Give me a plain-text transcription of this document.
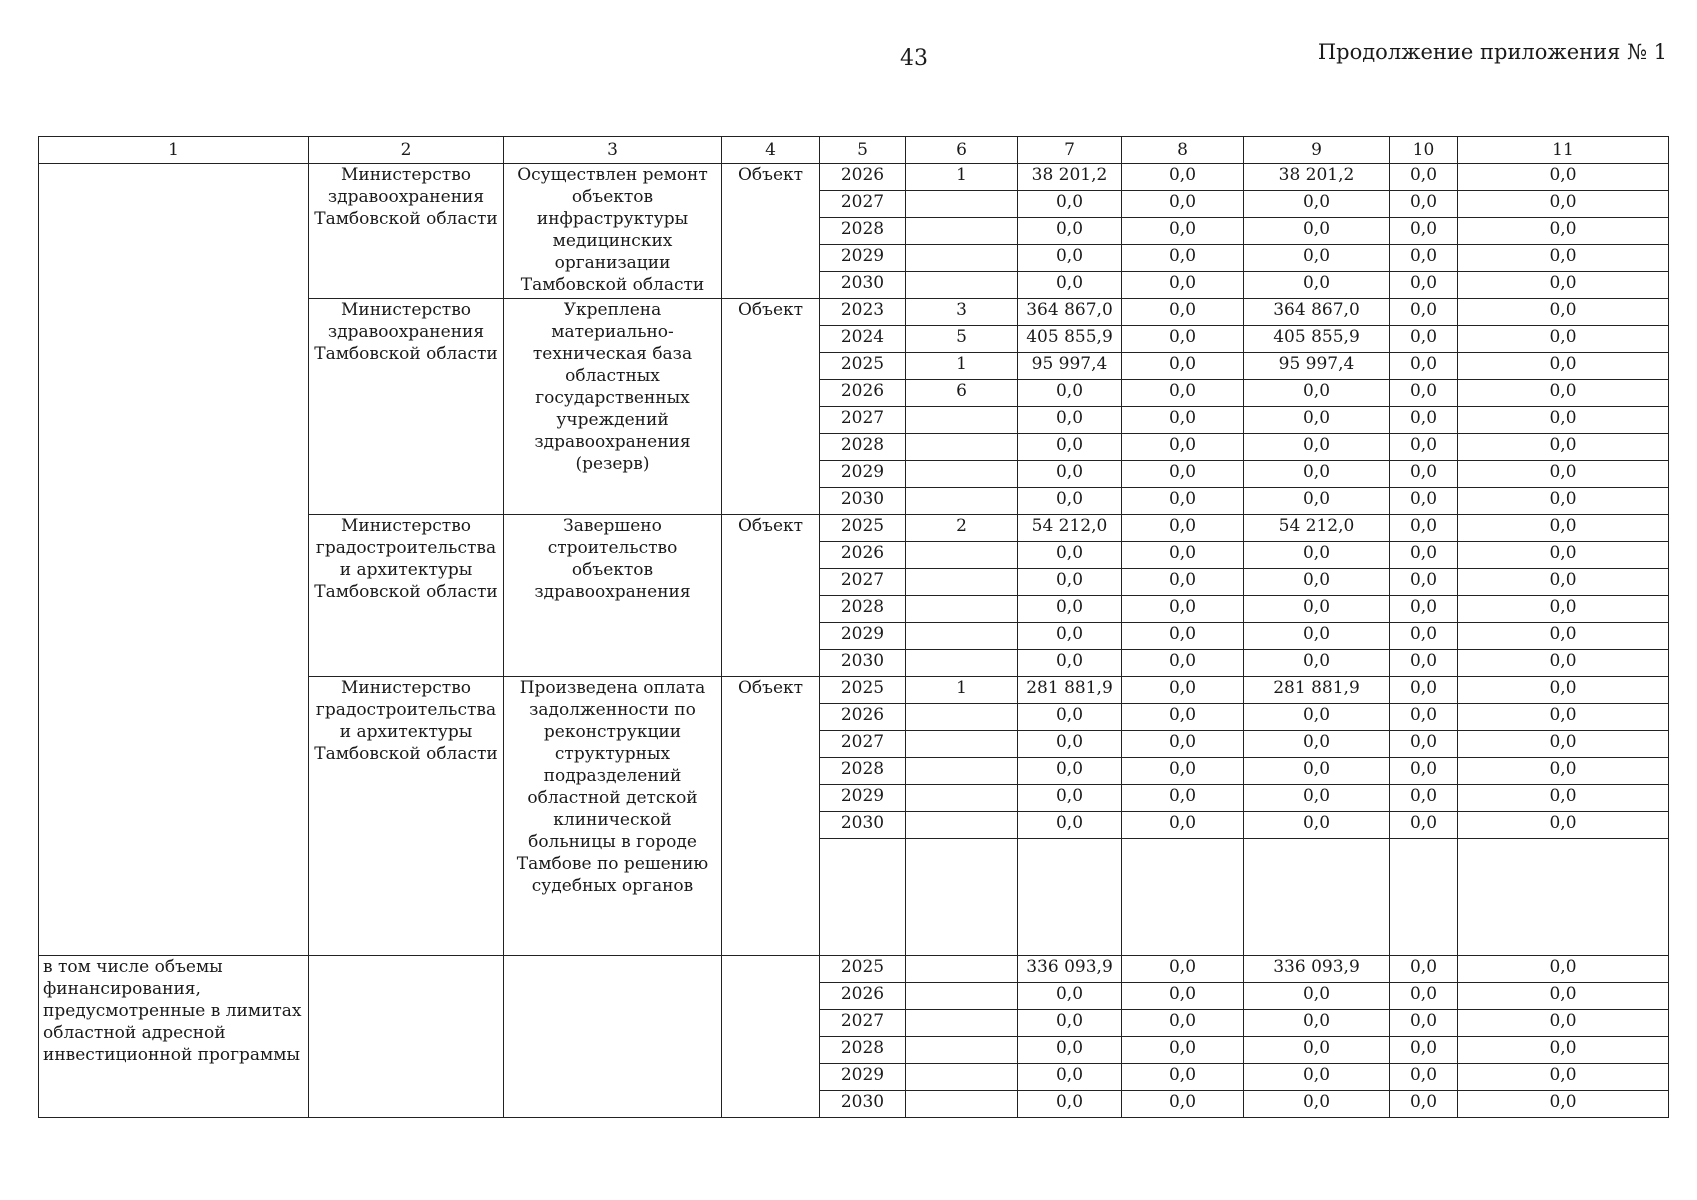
43	Продолжение приложения № 1
1	2	3	4	5	6	7	8	9	10	11
	Министерство здравоохранения Тамбовской области	Осуществлен ремонт объектов инфраструктуры медицинских организации Тамбовской области	Объект	2026	1	38 201,2	0,0	38 201,2	0,0	0,0
				2027		0,0	0,0	0,0	0,0	0,0
				2028		0,0	0,0	0,0	0,0	0,0
				2029		0,0	0,0	0,0	0,0	0,0
				2030		0,0	0,0	0,0	0,0	0,0
	Министерство здравоохранения Тамбовской области	Укреплена материально-техническая база областных государственных учреждений здравоохранения (резерв)	Объект	2023	3	364 867,0	0,0	364 867,0	0,0	0,0
				2024	5	405 855,9	0,0	405 855,9	0,0	0,0
				2025	1	95 997,4	0,0	95 997,4	0,0	0,0
				2026	6	0,0	0,0	0,0	0,0	0,0
				2027		0,0	0,0	0,0	0,0	0,0
				2028		0,0	0,0	0,0	0,0	0,0
				2029		0,0	0,0	0,0	0,0	0,0
				2030		0,0	0,0	0,0	0,0	0,0
	Министерство градостроительства и архитектуры Тамбовской области	Завершено строительство объектов здравоохранения	Объект	2025	2	54 212,0	0,0	54 212,0	0,0	0,0
				2026		0,0	0,0	0,0	0,0	0,0
				2027		0,0	0,0	0,0	0,0	0,0
				2028		0,0	0,0	0,0	0,0	0,0
				2029		0,0	0,0	0,0	0,0	0,0
				2030		0,0	0,0	0,0	0,0	0,0
	Министерство градостроительства и архитектуры Тамбовской области	Произведена оплата задолженности по реконструкции структурных подразделений областной детской клинической больницы в городе Тамбове по решению судебных органов	Объект	2025	1	281 881,9	0,0	281 881,9	0,0	0,0
				2026		0,0	0,0	0,0	0,0	0,0
				2027		0,0	0,0	0,0	0,0	0,0
				2028		0,0	0,0	0,0	0,0	0,0
				2029		0,0	0,0	0,0	0,0	0,0
				2030		0,0	0,0	0,0	0,0	0,0

в том числе объемы финансирования, предусмотренные в лимитах областной адресной инвестиционной программы				2025		336 093,9	0,0	336 093,9	0,0	0,0
				2026		0,0	0,0	0,0	0,0	0,0
				2027		0,0	0,0	0,0	0,0	0,0
				2028		0,0	0,0	0,0	0,0	0,0
				2029		0,0	0,0	0,0	0,0	0,0
				2030		0,0	0,0	0,0	0,0	0,0
